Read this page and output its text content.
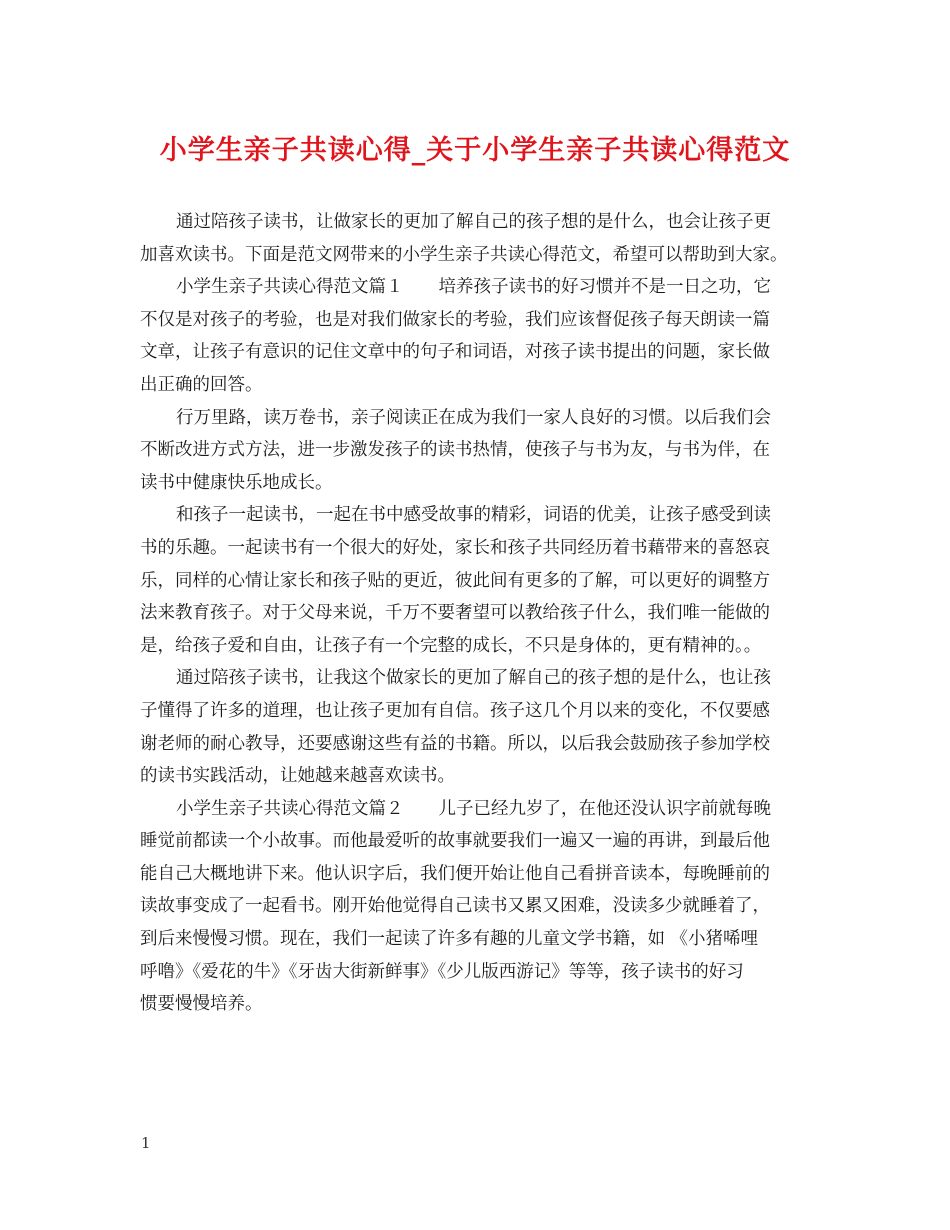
小学生亲子共读心得_关于小学生亲子共读心得范文
通过陪孩子读书，让做家长的更加了解自己的孩子想的是什么，也会让孩子更
加喜欢读书。下面是范文网带来的小学生亲子共读心得范文，希望可以帮助到大家。
小学生亲子共读心得范文篇１　　培养孩子读书的好习惯并不是一日之功，它
不仅是对孩子的考验，也是对我们做家长的考验，我们应该督促孩子每天朗读一篇
文章，让孩子有意识的记住文章中的句子和词语，对孩子读书提出的问题，家长做
出正确的回答。
行万里路，读万卷书，亲子阅读正在成为我们一家人良好的习惯。以后我们会
不断改进方式方法，进一步激发孩子的读书热情，使孩子与书为友，与书为伴，在
读书中健康快乐地成长。
和孩子一起读书，一起在书中感受故事的精彩，词语的优美，让孩子感受到读
书的乐趣。一起读书有一个很大的好处，家长和孩子共同经历着书藉带来的喜怒哀
乐，同样的心情让家长和孩子贴的更近，彼此间有更多的了解，可以更好的调整方
法来教育孩子。对于父母来说，千万不要奢望可以教给孩子什么，我们唯一能做的
是，给孩子爱和自由，让孩子有一个完整的成长，不只是身体的，更有精神的。。
通过陪孩子读书，让我这个做家长的更加了解自己的孩子想的是什么，也让孩
子懂得了许多的道理，也让孩子更加有自信。孩子这几个月以来的变化，不仅要感
谢老师的耐心教导，还要感谢这些有益的书籍。所以，以后我会鼓励孩子参加学校
的读书实践活动，让她越来越喜欢读书。
小学生亲子共读心得范文篇２　　儿子已经九岁了，在他还没认识字前就每晚
睡觉前都读一个小故事。而他最爱听的故事就要我们一遍又一遍的再讲，到最后他
能自己大概地讲下来。他认识字后，我们便开始让他自己看拼音读本，每晚睡前的
读故事变成了一起看书。刚开始他觉得自己读书又累又困难，没读多少就睡着了，
到后来慢慢习惯。现在，我们一起读了许多有趣的儿童文学书籍，如 《小猪唏哩
呼噜》《爱花的牛》《牙齿大街新鲜事》《少儿版西游记》等等，孩子读书的好习
惯要慢慢培养。
1
